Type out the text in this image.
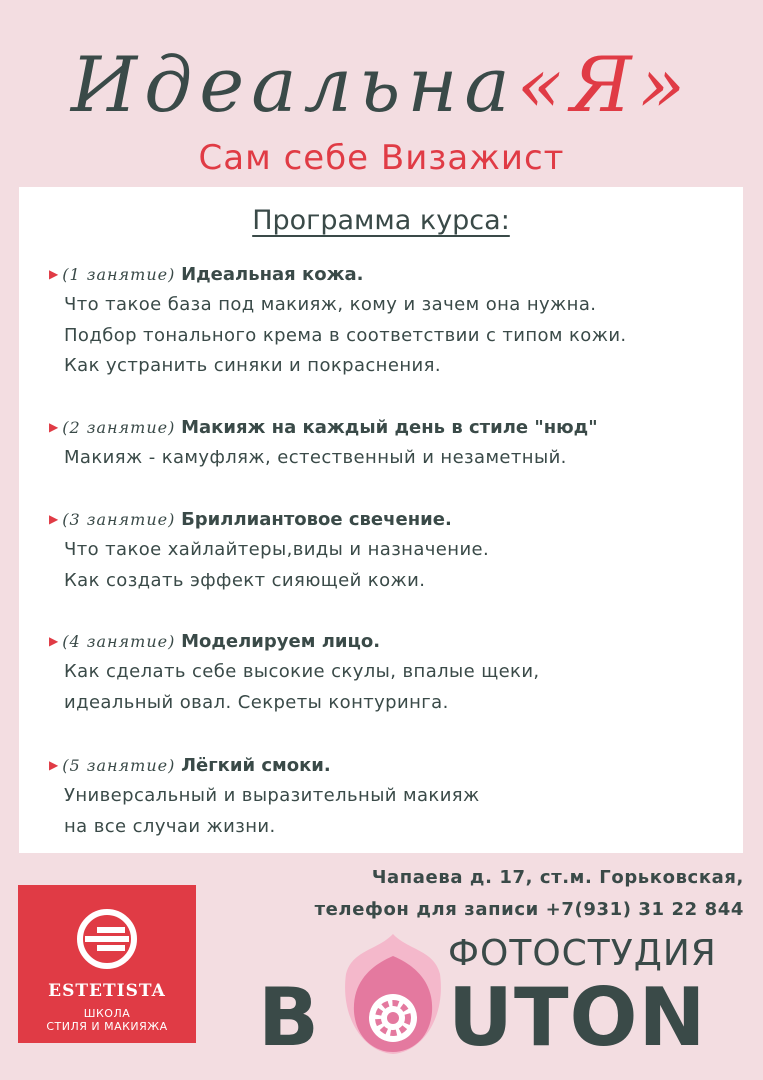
Идеальна«Я»
Сам себе Визажист
Программа курса:
▶ (1 занятие) Идеальная кожа.
Что такое база под макияж, кому и зачем она нужна.
Подбор тонального крема в соответствии с типом кожи.
Как устранить синяки и покраснения.
▶ (2 занятие) Макияж на каждый день в стиле "нюд"
Макияж - камуфляж, естественный и незаметный.
▶ (3 занятие) Бриллиантовое свечение.
Что такое хайлайтеры,виды и назначение.
Как создать эффект сияющей кожи.
▶ (4 занятие) Моделируем лицо.
Как сделать себе высокие скулы, впалые щеки,
идеальный овал. Секреты контуринга.
▶ (5 занятие) Лёгкий смоки.
Универсальный и выразительный макияж
на все случаи жизни.
Чапаева д. 17, ст.м. Горьковская,
телефон для записи +7(931) 31 22 844
ESTETISTA
ШКОЛА
СТИЛЯ И МАКИЯЖА
ФОТОСТУДИЯ
B UTON
